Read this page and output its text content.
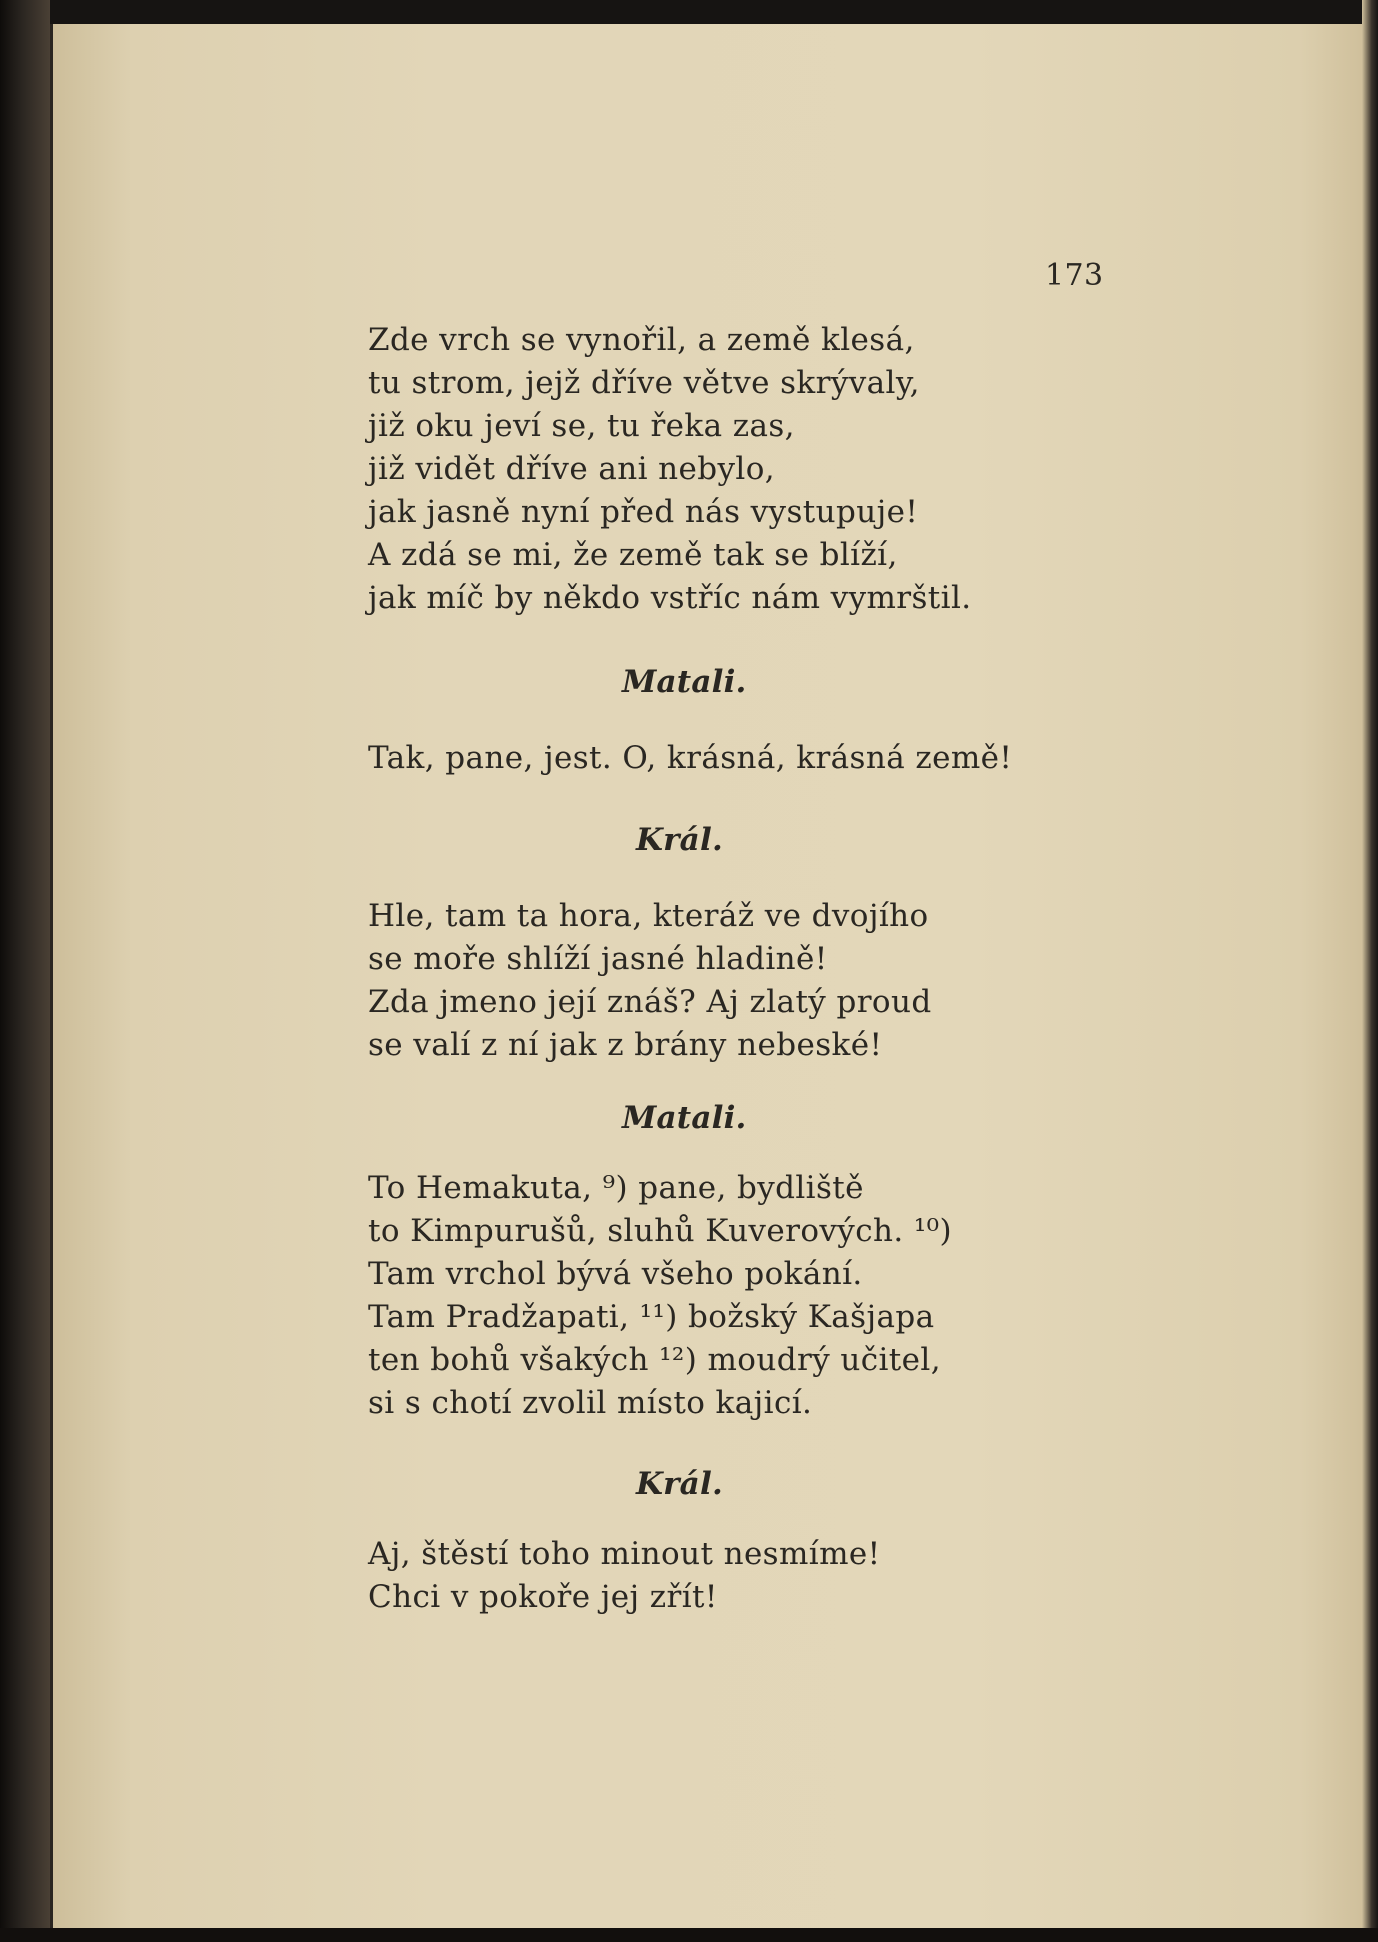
173
Zde vrch se vynořil, a země klesá,
tu strom, jejž dříve větve skrývaly,
již oku jeví se, tu řeka zas,
již vidět dříve ani nebylo,
jak jasně nyní před nás vystupuje!
A zdá se mi, že země tak se blíží,
jak míč by někdo vstříc nám vymrštil.
Matali.
Tak, pane, jest. O, krásná, krásná země!
Král.
Hle, tam ta hora, kteráž ve dvojího
se moře shlíží jasné hladině!
Zda jmeno její znáš? Aj zlatý proud
se valí z ní jak z brány nebeské!
Matali.
To Hemakuta, ⁹) pane, bydliště
to Kimpurušů, sluhů Kuverových. ¹⁰)
Tam vrchol bývá všeho pokání.
Tam Pradžapati, ¹¹) božský Kašjapa
ten bohů všakých ¹²) moudrý učitel,
si s chotí zvolil místo kajicí.
Král.
Aj, štěstí toho minout nesmíme!
Chci v pokoře jej zřít!
